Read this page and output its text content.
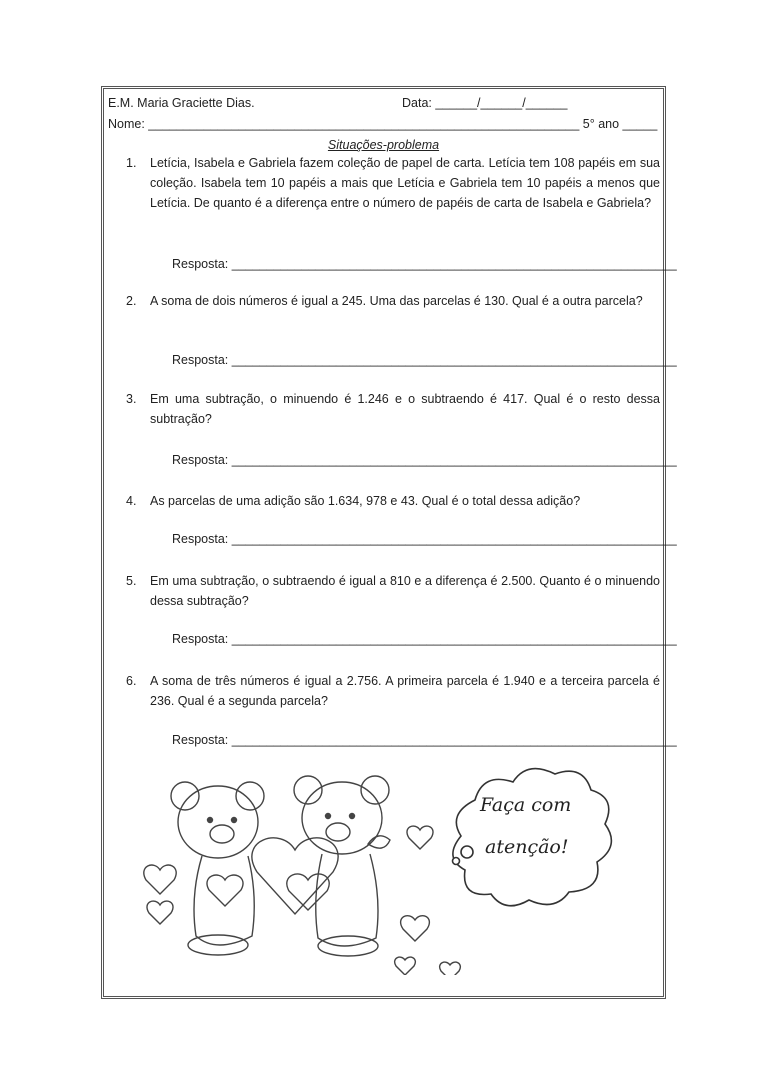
E.M. Maria Graciette Dias.	Data: ______/______/______
Nome: ______________________________________________________________ 5° ano _____
Situações-problema
1. Letícia, Isabela e Gabriela fazem coleção de papel de carta. Letícia tem 108 papéis em sua coleção. Isabela tem 10 papéis a mais que Letícia e Gabriela tem 10 papéis a menos que Letícia. De quanto é a diferença entre o número de papéis de carta de Isabela e Gabriela?
Resposta: ________________________________________________________________
2. A soma de dois números é igual a 245. Uma das parcelas é 130. Qual é a outra parcela?
Resposta: ________________________________________________________________
3. Em uma subtração, o minuendo é 1.246 e o subtraendo é 417. Qual é o resto dessa subtração?
Resposta: ________________________________________________________________
4. As parcelas de uma adição são 1.634, 978 e 43. Qual é o total dessa adição?
Resposta: ________________________________________________________________
5. Em uma subtração, o subtraendo é igual a 810 e a diferença é 2.500. Quanto é o minuendo dessa subtração?
Resposta: ________________________________________________________________
6. A soma de três números é igual a 2.756. A primeira parcela é 1.940 e a terceira parcela é 236. Qual é a segunda parcela?
Resposta: ________________________________________________________________
Faça com
atenção!
